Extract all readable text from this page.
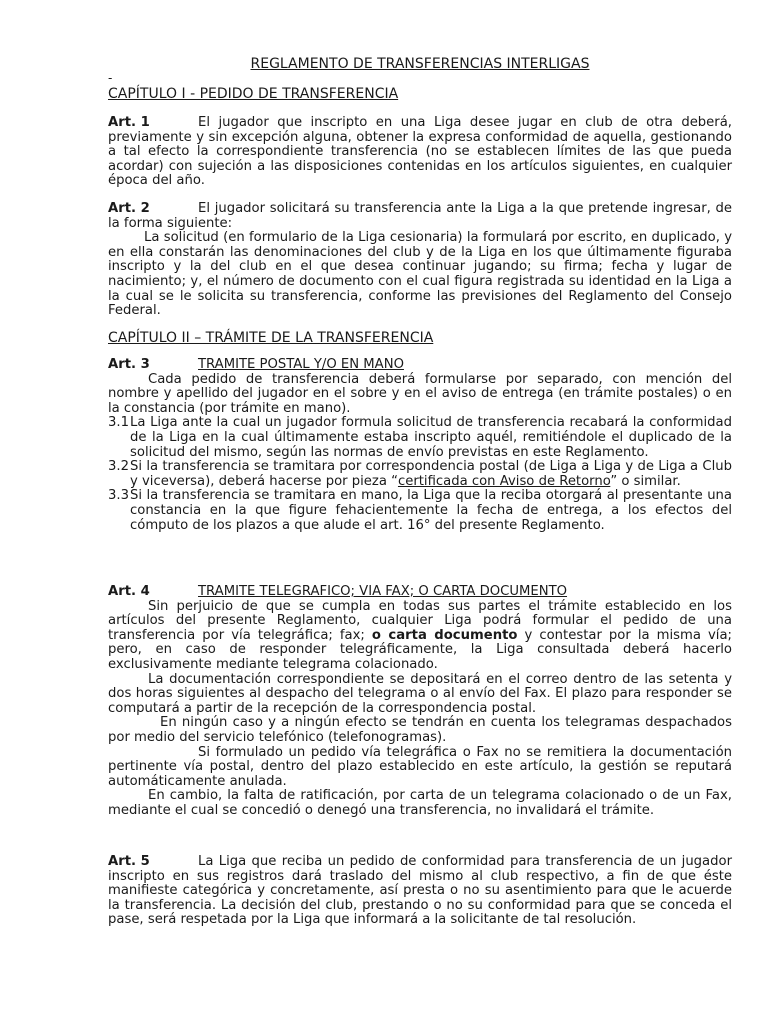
REGLAMENTO DE TRANSFERENCIAS INTERLIGAS
-
CAPÍTULO I - PEDIDO DE TRANSFERENCIA

Art. 1	El jugador que inscripto en una Liga desee jugar en club de otra deberá, previamente y sin excepción alguna, obtener la expresa conformidad de aquella, gestionando a tal efecto la correspondiente transferencia (no se establecen límites de las que pueda acordar) con sujeción a las disposiciones contenidas en los artículos siguientes, en cualquier época del año.

Art. 2	El jugador solicitará su transferencia ante la Liga a la que pretende ingresar, de la forma siguiente:

La solicitud (en formulario de la Liga cesionaria) la formulará por escrito, en duplicado, y en ella constarán las denominaciones del club y de la Liga en los que últimamente figuraba inscripto y la del club en el que desea continuar jugando; su firma; fecha y lugar de nacimiento; y, el número de documento con el cual figura registrada su identidad en la Liga a la cual se le solicita su transferencia, conforme las previsiones del Reglamento del Consejo Federal.

CAPÍTULO II – TRÁMITE DE LA TRANSFERENCIA

Art. 3	TRAMITE POSTAL Y/O EN MANO

Cada pedido de transferencia deberá formularse por separado, con mención del nombre y apellido del jugador en el sobre y en el aviso de entrega (en trámite postales) o en la constancia (por trámite en mano).

3.1 La Liga ante la cual un jugador formula solicitud de transferencia recabará la conformidad de la Liga en la cual últimamente estaba inscripto aquél, remitiéndole el duplicado de la solicitud del mismo, según las normas de envío previstas en este Reglamento.
3.2 Si la transferencia se tramitara por correspondencia postal (de Liga a Liga y de Liga a Club y viceversa), deberá hacerse por pieza “certificada con Aviso de Retorno” o similar.
3.3 Si la transferencia se tramitara en mano, la Liga que la reciba otorgará al presentante una constancia en la que figure fehacientemente la fecha de entrega, a los efectos del cómputo de los plazos a que alude el art. 16° del presente Reglamento.

Art. 4	TRAMITE TELEGRAFICO; VIA FAX; O CARTA DOCUMENTO

Sin perjuicio de que se cumpla en todas sus partes el trámite establecido en los artículos del presente Reglamento, cualquier Liga podrá formular el pedido de una transferencia por vía telegráfica; fax; o carta documento y contestar por la misma vía; pero, en caso de responder telegráficamente, la Liga consultada deberá hacerlo exclusivamente mediante telegrama colacionado.

La documentación correspondiente se depositará en el correo dentro de las setenta y dos horas siguientes al despacho del telegrama o al envío del Fax. El plazo para responder se computará a partir de la recepción de la correspondencia postal.

En ningún caso y a ningún efecto se tendrán en cuenta los telegramas despachados por medio del servicio telefónico (telefonogramas).

Si formulado un pedido vía telegráfica o Fax no se remitiera la documentación pertinente vía postal, dentro del plazo establecido en este artículo, la gestión se reputará automáticamente anulada.

En cambio, la falta de ratificación, por carta de un telegrama colacionado o de un Fax, mediante el cual se concedió o denegó una transferencia, no invalidará el trámite.

Art. 5	La Liga que reciba un pedido de conformidad para transferencia de un jugador inscripto en sus registros dará traslado del mismo al club respectivo, a fin de que éste manifieste categórica y concretamente, así presta o no su asentimiento para que le acuerde la transferencia. La decisión del club, prestando o no su conformidad para que se conceda el pase, será respetada por la Liga que informará a la solicitante de tal resolución.
